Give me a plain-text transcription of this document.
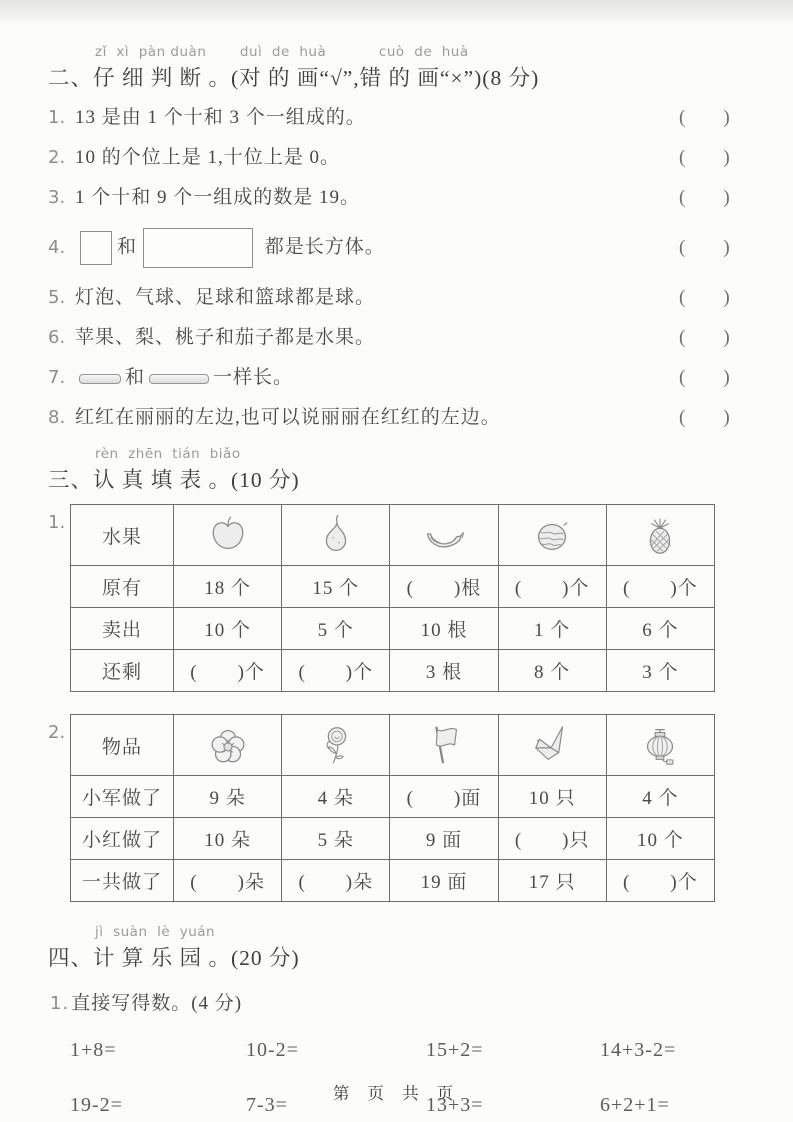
zǐ  xì  pàn duàn       duì  de  huà           cuò  de  huà
二、仔 细 判 断 。(对 的 画“√”,错 的 画“×”)(8 分)
1. 13 是由 1 个十和 3 个一组成的。	(　　)
2. 10 的个位上是 1,十位上是 0。	(　　)
3. 1 个十和 9 个一组成的数是 19。	(　　)
4.	和	都是长方体。	(　　)
5. 灯泡、气球、足球和篮球都是球。	(　　)
6. 苹果、梨、桃子和茄子都是水果。	(　　)
7.	和	一样长。	(　　)
8. 红红在丽丽的左边,也可以说丽丽在红红的左边。	(　　)
rèn  zhēn  tián  biǎo
三、认 真 填 表 。(10 分)
1.
水果	

原有	18 个	15 个	(　　)根	(　　)个	(　　)个
卖出	10 个	5 个	10 根	1 个	6 个
还剩	(　　)个	(　　)个	3 根	8 个	3 个
2.
物品	

小军做了	9 朵	4 朵	(　　)面	10 只	4 个
小红做了	10 朵	5 朵	9 面	(　　)只	10 个
一共做了	(　　)朵	(　　)朵	19 面	17 只	(　　)个
jì  suàn  lè  yuán
四、计 算 乐 园 。(20 分)
1. 直接写得数。(4 分)
1+8=	10-2=	15+2=	14+3-2=
19-2=	7-3=	13+3=	6+2+1=
第 页 共 页
